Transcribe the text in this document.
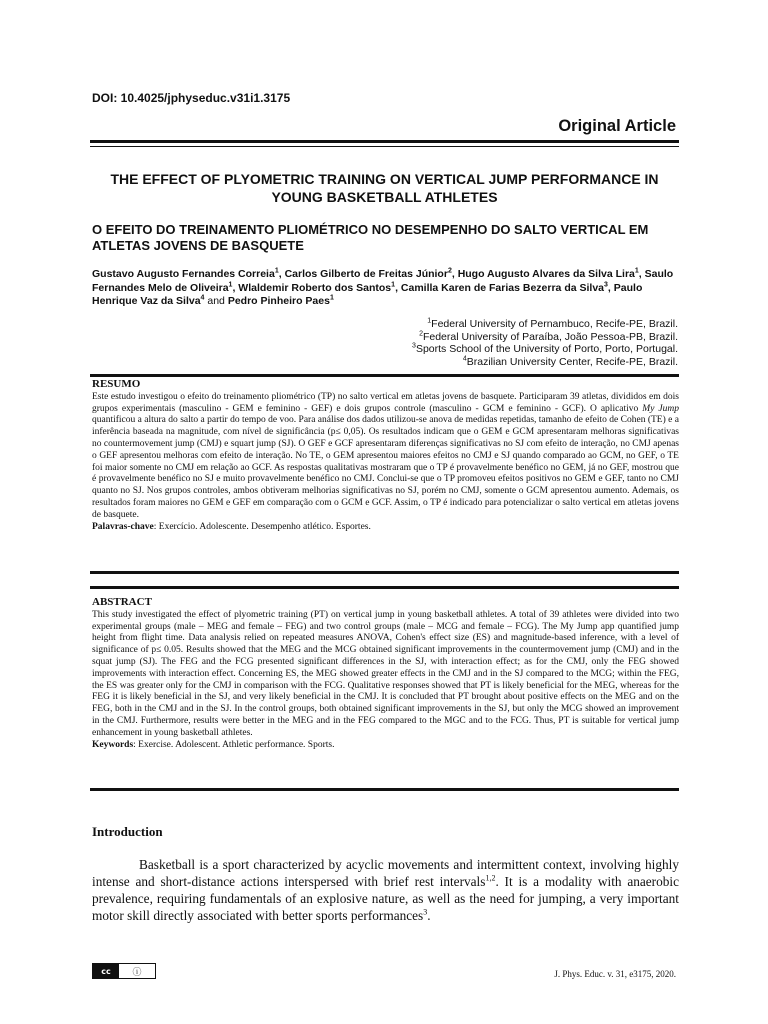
DOI: 10.4025/jphyseduc.v31i1.3175
Original Article
THE EFFECT OF PLYOMETRIC TRAINING ON VERTICAL JUMP PERFORMANCE IN YOUNG BASKETBALL ATHLETES
O EFEITO DO TREINAMENTO PLIOMÉTRICO NO DESEMPENHO DO SALTO VERTICAL EM ATLETAS JOVENS DE BASQUETE
Gustavo Augusto Fernandes Correia$^1$, Carlos Gilberto de Freitas Júnior$^2$, Hugo Augusto Alvares da Silva Lira$^1$, Saulo Fernandes Melo de Oliveira$^1$, Wlaldemir Roberto dos Santos$^1$, Camilla Karen de Farias Bezerra da Silva$^3$, Paulo Henrique Vaz da Silva$^4$ and Pedro Pinheiro Paes$^1$
$^1$Federal University of Pernambuco, Recife-PE, Brazil.
$^2$Federal University of Paraíba, João Pessoa-PB, Brazil.
$^3$Sports School of the University of Porto, Porto, Portugal.
$^4$Brazilian University Center, Recife-PE, Brazil.
RESUMO

Este estudo investigou o efeito do treinamento pliométrico (TP) no salto vertical em atletas jovens de basquete. Participaram 39 atletas, divididos em dois grupos experimentais (masculino - GEM e feminino - GEF) e dois grupos controle (masculino - GCM e feminino - GCF). O aplicativo My Jump quantificou a altura do salto a partir do tempo de voo. Para análise dos dados utilizou-se anova de medidas repetidas, tamanho de efeito de Cohen (TE) e a inferência baseada na magnitude, com nível de significância (p≤ 0,05). Os resultados indicam que o GEM e GCM apresentaram melhoras significativas no countermovement jump (CMJ) e squart jump (SJ). O GEF e GCF apresentaram diferenças significativas no SJ com efeito de interação, no CMJ apenas o GEF apresentou melhoras com efeito de interação. No TE, o GEM apresentou maiores efeitos no CMJ e SJ quando comparado ao GCM, no GEF, o TE foi maior somente no CMJ em relação ao GCF. As respostas qualitativas mostraram que o TP é provavelmente benéfico no GEM, já no GEF, mostrou que é provavelmente benéfico no SJ e muito provavelmente benéfico no CMJ. Conclui-se que o TP promoveu efeitos positivos no GEM e GEF, tanto no CMJ quanto no SJ. Nos grupos controles, ambos obtiveram melhorias significativas no SJ, porém no CMJ, somente o GCM apresentou aumento. Ademais, os resultados foram maiores no GEM e GEF em comparação com o GCM e GCF. Assim, o TP é indicado para potencializar o salto vertical em atletas jovens de basquete.

Palavras-chave: Exercício. Adolescente. Desempenho atlético. Esportes.

ABSTRACT

This study investigated the effect of plyometric training (PT) on vertical jump in young basketball athletes. A total of 39 athletes were divided into two experimental groups (male – MEG and female – FEG) and two control groups (male – MCG and female – FCG). The My Jump app quantified jump height from flight time. Data analysis relied on repeated measures ANOVA, Cohen's effect size (ES) and magnitude-based inference, with a level of significance of p≤ 0.05. Results showed that the MEG and the MCG obtained significant improvements in the countermovement jump (CMJ) and in the squat jump (SJ). The FEG and the FCG presented significant differences in the SJ, with interaction effect; as for the CMJ, only the FEG showed improvements with interaction effect. Concerning ES, the MEG showed greater effects in the CMJ and in the SJ compared to the MCG; within the FEG, the ES was greater only for the CMJ in comparison with the FCG. Qualitative responses showed that PT is likely beneficial for the MEG, whereas for the FEG it is likely beneficial in the SJ, and very likely beneficial in the CMJ. It is concluded that PT brought about positive effects on the MEG and on the FEG, both in the CMJ and in the SJ. In the control groups, both obtained significant improvements in the SJ, but only the MCG showed an improvement in the CMJ. Furthermore, results were better in the MEG and in the FEG compared to the MGC and to the FCG. Thus, PT is suitable for vertical jump enhancement in young basketball athletes.

Keywords: Exercise. Adolescent. Athletic performance. Sports.

Introduction

Basketball is a sport characterized by acyclic movements and intermittent context, involving highly intense and short-distance actions interspersed with brief rest intervals$^{1,2}$. It is a modality with anaerobic prevalence, requiring fundamentals of an explosive nature, as well as the need for jumping, a very important motor skill directly associated with better sports performances$^3$.

cc	ⓘ	J. Phys. Educ. v. 31, e3175, 2020.
